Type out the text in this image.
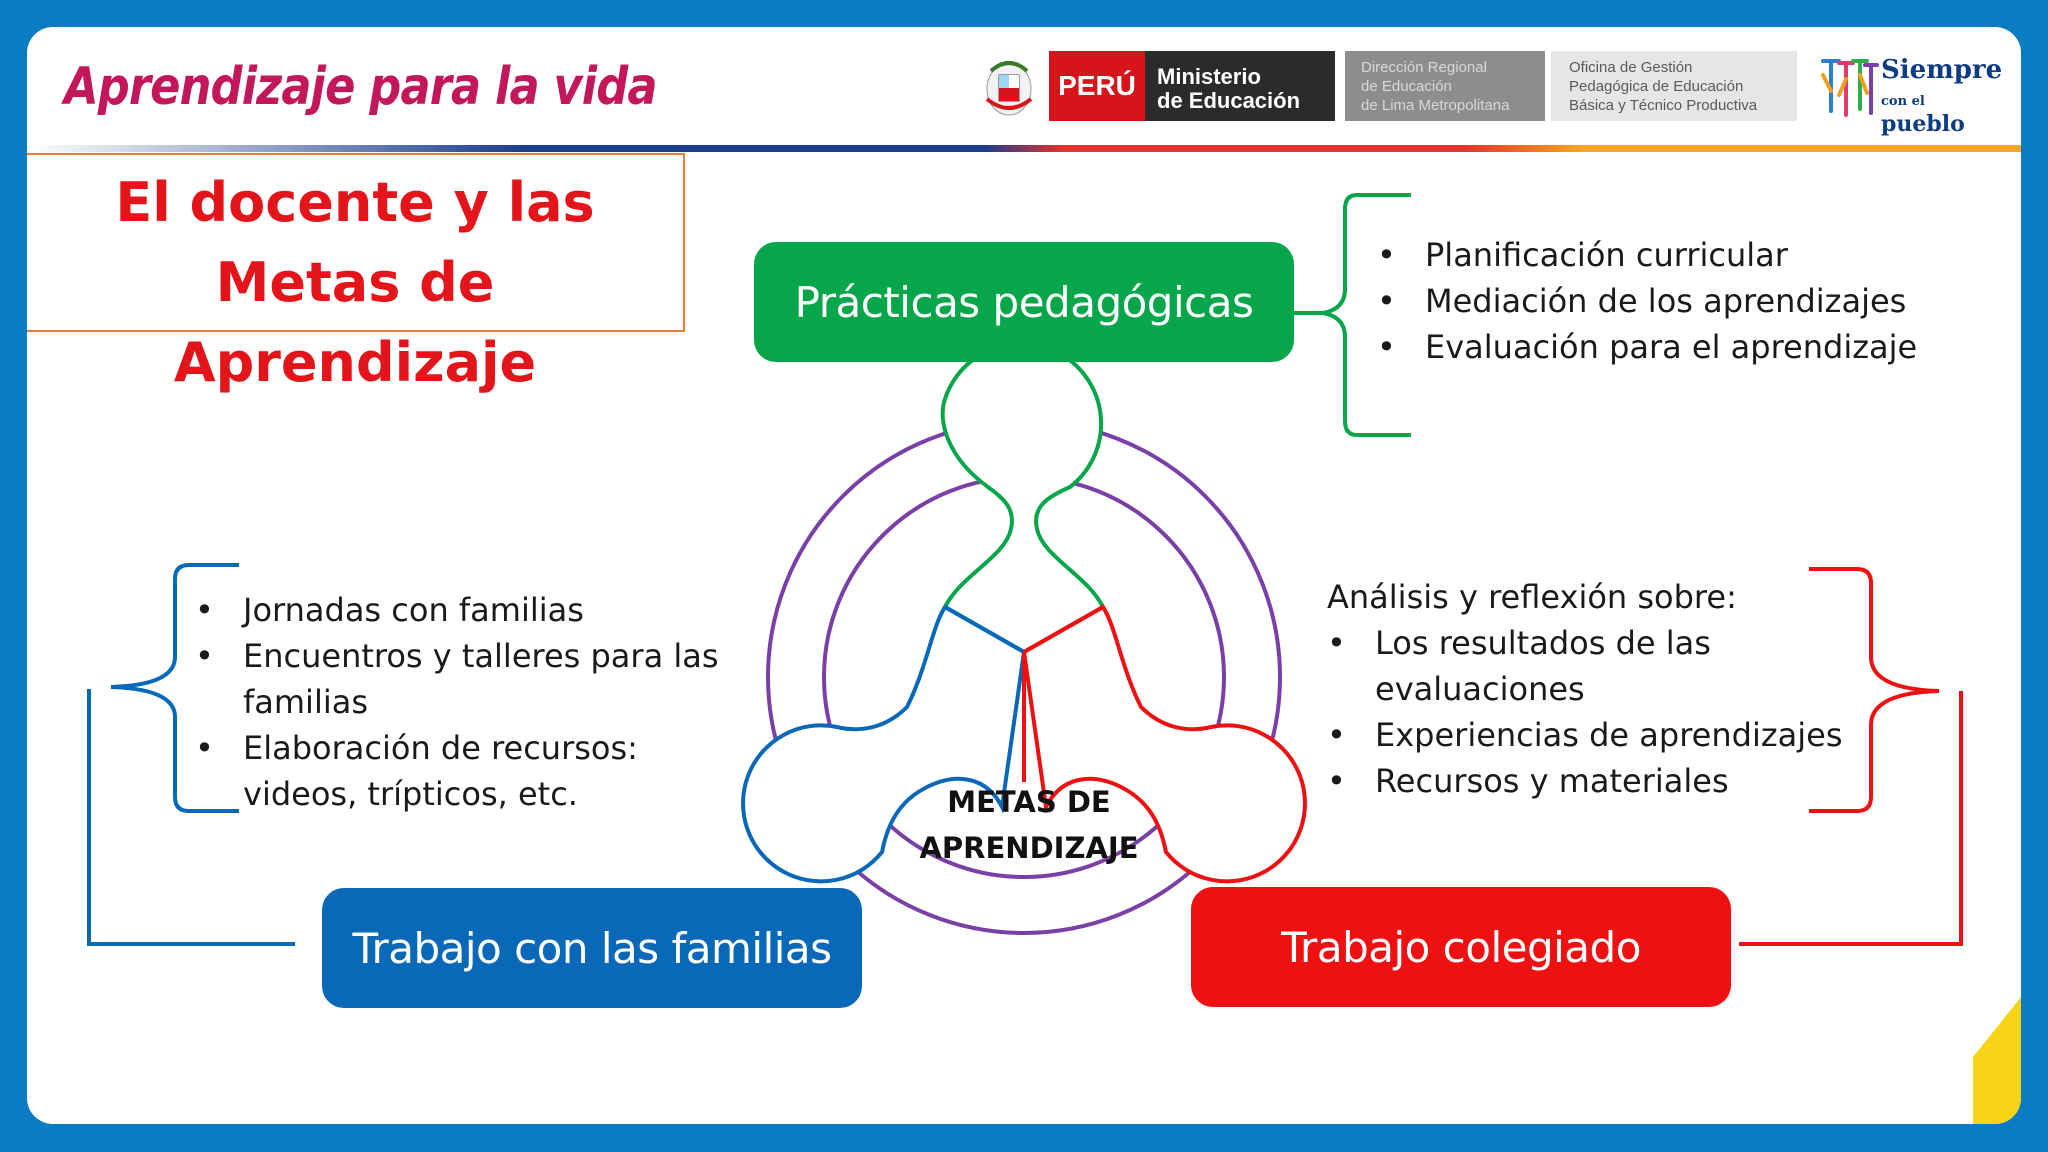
Aprendizaje para la vida	PERÚ Ministerio
de Educación
Dirección Regional
de Educación
de Lima Metropolitana
Oficina de Gestión
Pedagógica de Educación
Básica y Técnico Productiva
Siempre
con el pueblo
El docente y las
Metas de Aprendizaje
Prácticas pedagógicas
Trabajo con las familias	Trabajo colegiado
METAS DE
APRENDIZAJE
• Planificación curricular
• Mediación de los aprendizajes
• Evaluación para el aprendizaje
• Jornadas con familias
• Encuentros y talleres para las familias
• Elaboración de recursos: videos, trípticos, etc.
Análisis y reflexión sobre:
• Los resultados de las evaluaciones
• Experiencias de aprendizajes
• Recursos y materiales
